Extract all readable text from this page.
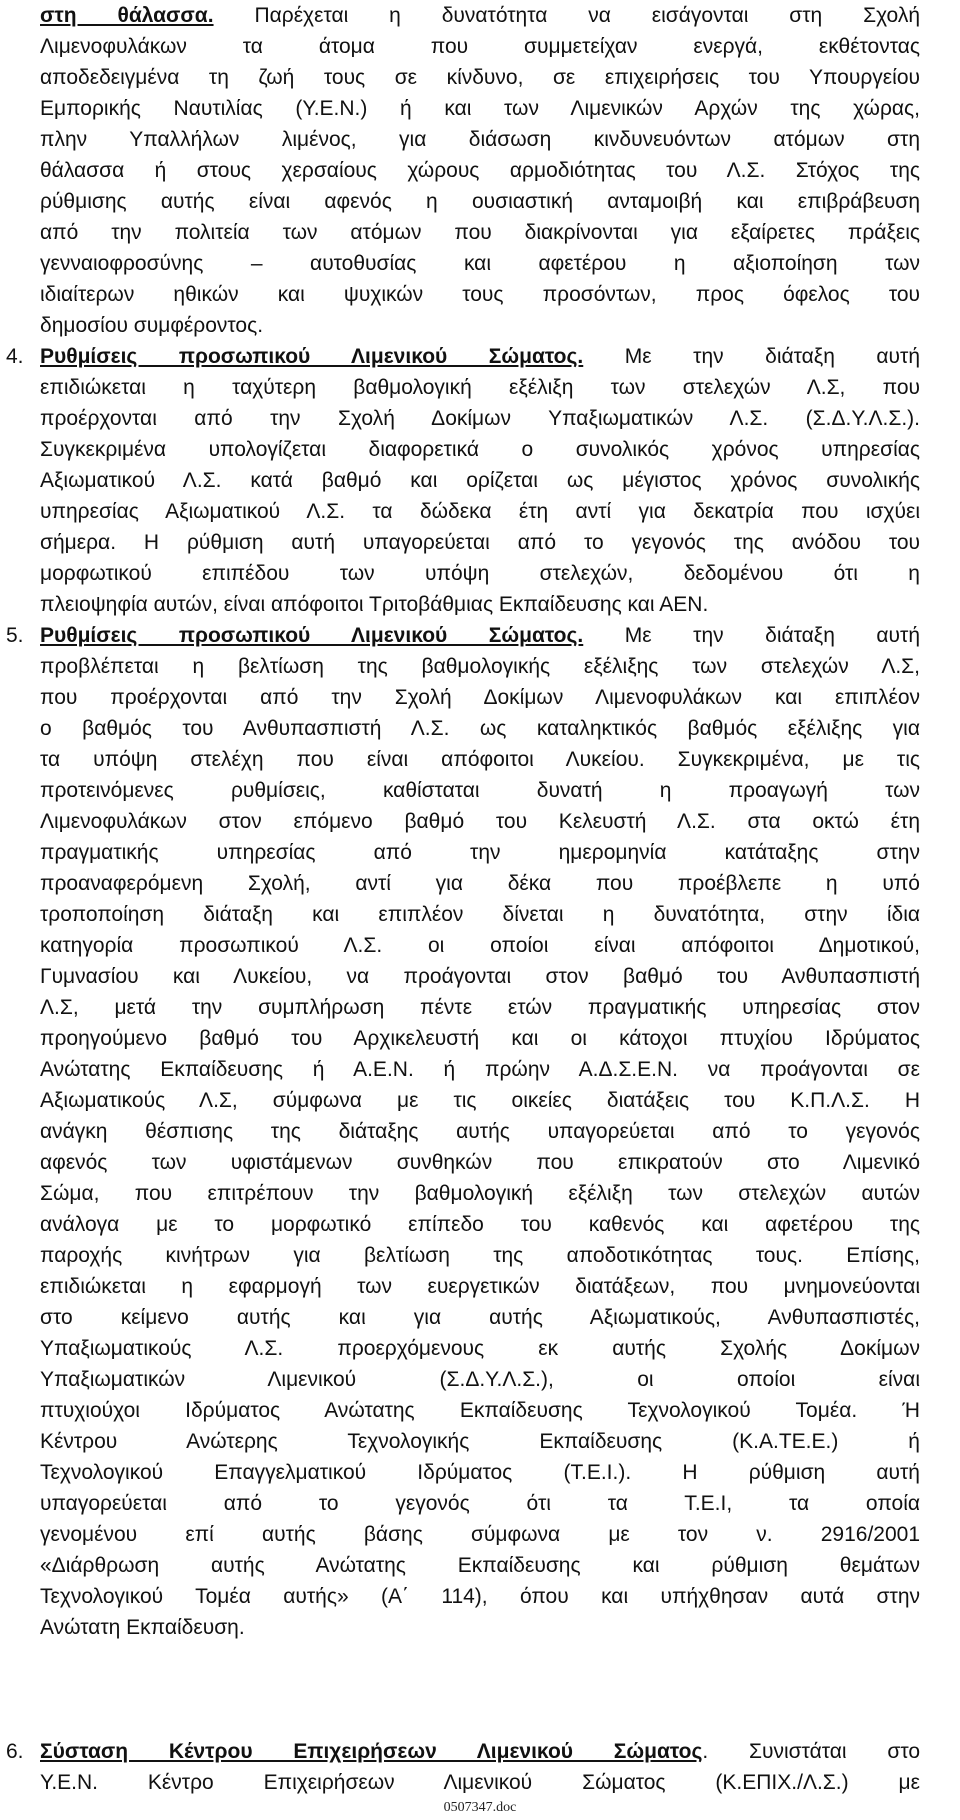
στη θάλασσα. Παρέχεται η δυνατότητα να εισάγονται στη Σχολή
Λιμενοφυλάκων τα άτομα που συμμετείχαν ενεργά, εκθέτοντας
αποδεδειγμένα τη ζωή τους σε κίνδυνο, σε επιχειρήσεις του Υπουργείου
Εμπορικής Ναυτιλίας (Υ.Ε.Ν.) ή και των Λιμενικών Αρχών της χώρας,
πλην Υπαλλήλων λιμένος, για διάσωση κινδυνευόντων ατόμων στη
θάλασσα ή στους χερσαίους χώρους αρμοδιότητας του Λ.Σ. Στόχος της
ρύθμισης αυτής είναι αφενός η ουσιαστική ανταμοιβή και επιβράβευση
από την πολιτεία των ατόμων που διακρίνονται για εξαίρετες πράξεις
γενναιοφροσύνης – αυτοθυσίας και αφετέρου η αξιοποίηση των
ιδιαίτερων ηθικών και ψυχικών τους προσόντων, προς όφελος του
δημοσίου συμφέροντος.
4. Ρυθμίσεις προσωπικού Λιμενικού Σώματος. Με την διάταξη αυτή
επιδιώκεται η ταχύτερη βαθμολογική εξέλιξη των στελεχών Λ.Σ, που
προέρχονται από την Σχολή Δοκίμων Υπαξιωματικών Λ.Σ. (Σ.Δ.Υ.Λ.Σ.).
Συγκεκριμένα υπολογίζεται διαφορετικά ο συνολικός χρόνος υπηρεσίας
Αξιωματικού Λ.Σ. κατά βαθμό και ορίζεται ως μέγιστος χρόνος συνολικής
υπηρεσίας Αξιωματικού Λ.Σ. τα δώδεκα έτη αντί για δεκατρία που ισχύει
σήμερα. Η ρύθμιση αυτή υπαγορεύεται από το γεγονός της ανόδου του
μορφωτικού επιπέδου των υπόψη στελεχών, δεδομένου ότι η
πλειοψηφία αυτών, είναι απόφοιτοι Τριτοβάθμιας Εκπαίδευσης και ΑΕΝ.
5. Ρυθμίσεις προσωπικού Λιμενικού Σώματος. Με την διάταξη αυτή
προβλέπεται η βελτίωση της βαθμολογικής εξέλιξης των στελεχών Λ.Σ,
που προέρχονται από την Σχολή Δοκίμων Λιμενοφυλάκων και επιπλέον
ο βαθμός του Ανθυπασπιστή Λ.Σ. ως καταληκτικός βαθμός εξέλιξης για
τα υπόψη στελέχη που είναι απόφοιτοι Λυκείου. Συγκεκριμένα, με τις
προτεινόμενες ρυθμίσεις, καθίσταται δυνατή η προαγωγή των
Λιμενοφυλάκων στον επόμενο βαθμό του Κελευστή Λ.Σ. στα οκτώ έτη
πραγματικής υπηρεσίας από την ημερομηνία κατάταξης στην
προαναφερόμενη Σχολή, αντί για δέκα που προέβλεπε η υπό
τροποποίηση διάταξη και επιπλέον δίνεται η δυνατότητα, στην ίδια
κατηγορία προσωπικού Λ.Σ. οι οποίοι είναι απόφοιτοι Δημοτικού,
Γυμνασίου και Λυκείου, να προάγονται στον βαθμό του Ανθυπασπιστή
Λ.Σ, μετά την συμπλήρωση πέντε ετών πραγματικής υπηρεσίας στον
προηγούμενο βαθμό του Αρχικελευστή και οι κάτοχοι πτυχίου Ιδρύματος
Ανώτατης Εκπαίδευσης ή Α.Ε.Ν. ή πρώην Α.Δ.Σ.Ε.Ν. να προάγονται σε
Αξιωματικούς Λ.Σ, σύμφωνα με τις οικείες διατάξεις του Κ.Π.Λ.Σ. Η
ανάγκη θέσπισης της διάταξης αυτής υπαγορεύεται από το γεγονός
αφενός των υφιστάμενων συνθηκών που επικρατούν στο Λιμενικό
Σώμα, που επιτρέπουν την βαθμολογική εξέλιξη των στελεχών αυτών
ανάλογα με το μορφωτικό επίπεδο του καθενός και αφετέρου της
παροχής κινήτρων για βελτίωση της αποδοτικότητας τους. Επίσης,
επιδιώκεται η εφαρμογή των ευεργετικών διατάξεων, που μνημονεύονται
στο κείμενο αυτής και για αυτής Αξιωματικούς, Ανθυπασπιστές,
Υπαξιωματικούς Λ.Σ. προερχόμενους εκ αυτής Σχολής Δοκίμων
Υπαξιωματικών Λιμενικού (Σ.Δ.Υ.Λ.Σ.), οι οποίοι είναι
πτυχιούχοι Ιδρύματος Ανώτατης Εκπαίδευσης Τεχνολογικού Τομέα. Ή
Κέντρου Ανώτερης Τεχνολογικής Εκπαίδευσης (Κ.Α.ΤΕ.Ε.) ή
Τεχνολογικού Επαγγελματικού Ιδρύματος (Τ.Ε.Ι.). Η ρύθμιση αυτή
υπαγορεύεται από το γεγονός ότι τα Τ.Ε.Ι, τα οποία
γενομένου επί αυτής βάσης σύμφωνα με τον ν. 2916/2001
«Διάρθρωση αυτής Ανώτατης Εκπαίδευσης και ρύθμιση θεμάτων
Τεχνολογικού Τομέα αυτής» (Α΄ 114), όπου και υπήχθησαν αυτά στην
Ανώτατη Εκπαίδευση.
6. Σύσταση Κέντρου Επιχειρήσεων Λιμενικού Σώματος. Συνιστάται στο
Υ.Ε.Ν. Κέντρο Επιχειρήσεων Λιμενικού Σώματος (Κ.ΕΠΙΧ./Λ.Σ.) με
0507347.doc
